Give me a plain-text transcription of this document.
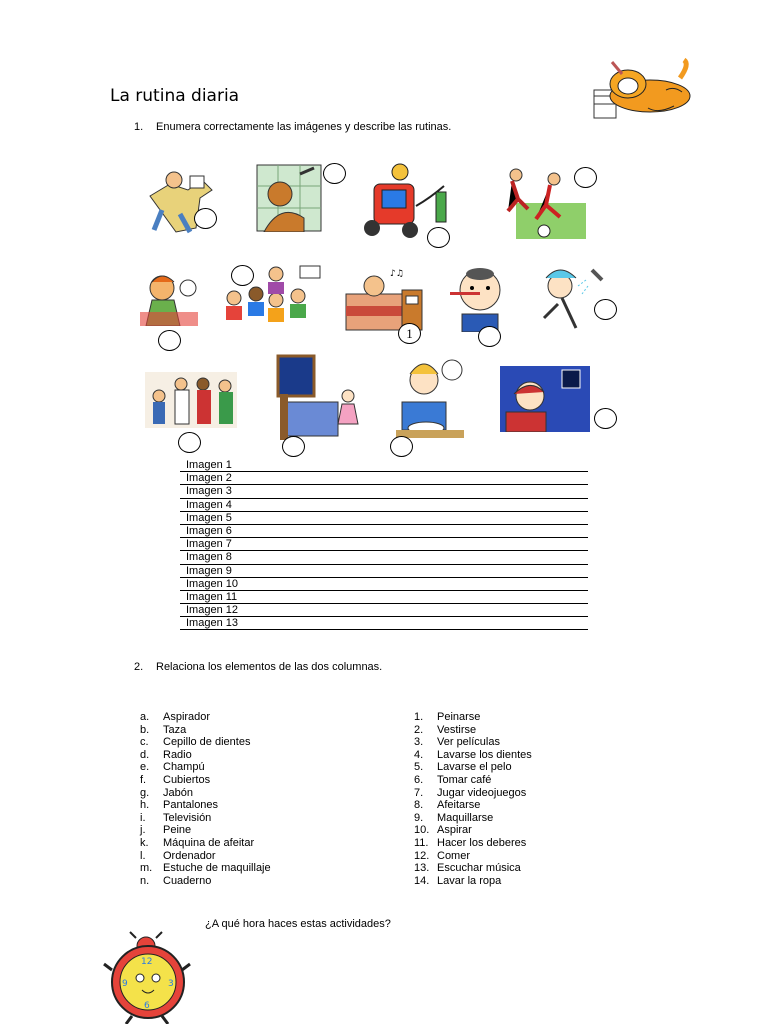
La rutina diaria
1. Enumera correctamente las imágenes y describe las rutinas.
♪♫
1
Imagen 1
Imagen 2
Imagen 3
Imagen 4
Imagen 5
Imagen 6
Imagen 7
Imagen 8
Imagen 9
Imagen 10
Imagen 11
Imagen 12
Imagen 13
2. Relaciona los elementos de las dos columnas.
a. Aspirador
b. Taza
c. Cepillo de dientes
d. Radio
e. Champú
f. Cubiertos
g. Jabón
h. Pantalones
i. Televisión
j. Peine
k. Máquina de afeitar
l. Ordenador
m. Estuche de maquillaje
n. Cuaderno
1. Peinarse
2. Vestirse
3. Ver películas
4. Lavarse los dientes
5. Lavarse el pelo
6. Tomar café
7. Jugar videojuegos
8. Afeitarse
9. Maquillarse
10. Aspirar
11. Hacer los deberes
12. Comer
13. Escuchar música
14. Lavar la ropa
¿A qué hora haces estas actividades?
12
3
6
9
